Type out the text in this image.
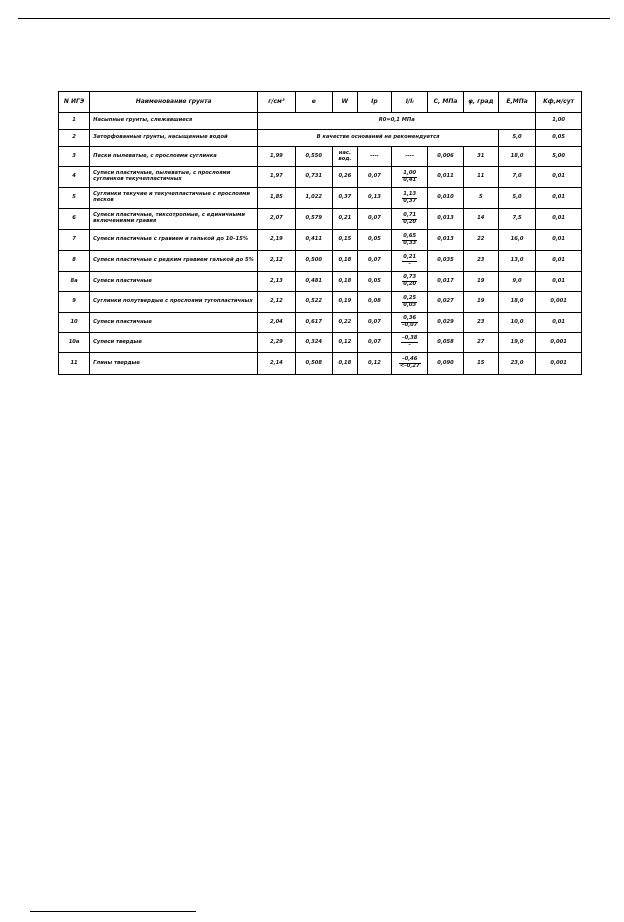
N ИГЭ	Наименование грунта	г/см³	e	W	Iр	I/Iₗ	С, МПа	φ, град	E,МПа	Kф,м/сут
1	Насыпные грунты, слежавшиеся	R0=0,1 МПа								1,00
2	Заторфованные грунты, насыщенные водой	В качестве оснований не рекомендуется							5,0	0,05
3	Пески пылеватые, с прослоями суглинка	1,99	0,550	нас. вод.	----	----	0,006	31	18,0	5,00
4	Супеси пластичные, пылеватые, с прослоями суглинков текучепластичных	1,97	0,731	0,26	0,07	$\frac{1,00}{0,41}$	0,011	11	7,0	0,01
5	Суглинки текучие и текучепластичные с прослоями песков	1,85	1,022	0,37	0,13	$\frac{1,13}{0,37}$	0,010	5	5,0	0,01
6	Супеси пластичные, тиксотропные, с единичными включениями гравия	2,07	0,579	0,21	0,07	$\frac{0,71}{0,20}$	0,013	14	7,5	0,01
7	Супеси пластичные с гравием и галькой до 10–15%	2,19	0,411	0,15	0,05	$\frac{0,65}{0,33}$	0,013	22	16,0	0,01
8	Супеси пластичные с редким гравием галькой до 5%	2,12	0,500	0,18	0,07	$\frac{0,21}{-}$	0,035	23	13,0	0,01
8а	Супеси пластичные	2,13	0,481	0,18	0,05	$\frac{0,73}{0,20}$	0,017	19	9,0	0,01
9	Суглинки полутвердые с прослоями тугопластичных	2,12	0,522	0,19	0,08	$\frac{0,25}{0,03}$	0,027	19	18,0	0,001
10	Супеси пластичные	2,04	0,617	0,22	0,07	$\frac{0,36}{-0,07}$	0,029	23	10,0	0,01
10а	Супеси твердые	2,29	0,324	0,12	0,07	$\frac{-0,38}{-}$	0,058	27	19,0	0,001
11	Глины твердые	2,14	0,508	0,18	0,12	$\frac{-0,46}{<-0,27}$	0,090	15	23,0	0,001
